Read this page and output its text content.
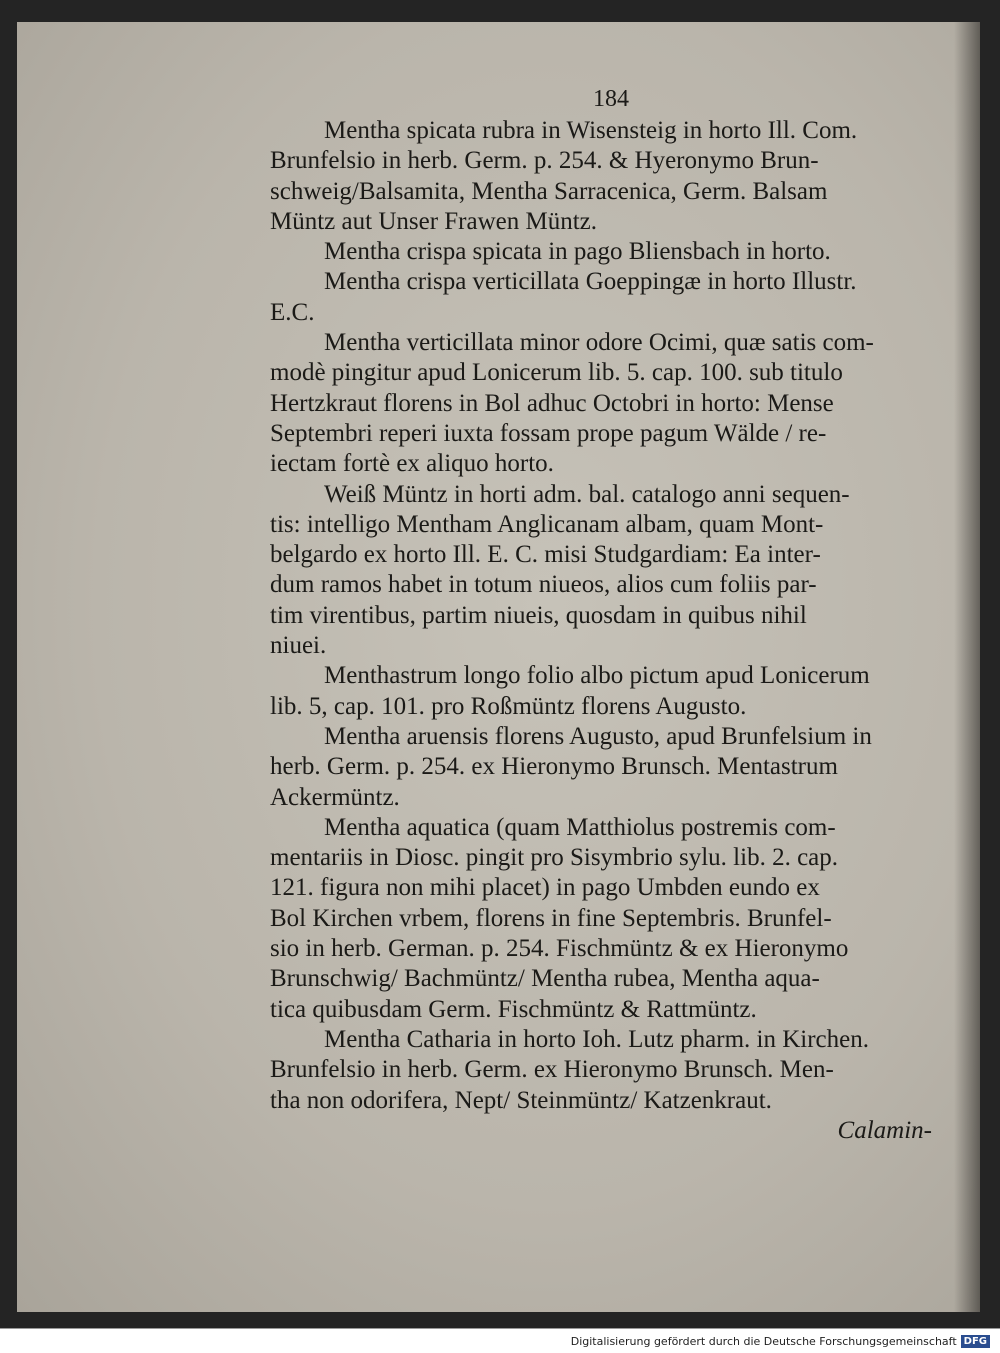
184
Mentha spicata rubra in Wisensteig in horto Ill. Com.
Brunfelsio in herb. Germ. p. 254. & Hyeronymo Brun-
schweig/Balsamita, Mentha Sarracenica, Germ. Balsam
Müntz aut Unser Frawen Müntz.
Mentha crispa spicata in pago Bliensbach in horto.
Mentha crispa verticillata Goeppingæ in horto Illustr.
E.C.
Mentha verticillata minor odore Ocimi, quæ satis com-
modè pingitur apud Lonicerum lib. 5. cap. 100. sub titulo
Hertzkraut florens in Bol adhuc Octobri in horto: Mense
Septembri reperi iuxta fossam prope pagum Wälde / re-
iectam fortè ex aliquo horto.
Weiß Müntz in horti adm. bal. catalogo anni sequen-
tis: intelligo Mentham Anglicanam albam, quam Mont-
belgardo ex horto Ill. E. C. misi Studgardiam: Ea inter-
dum ramos habet in totum niueos, alios cum foliis par-
tim virentibus, partim niueis, quosdam in quibus nihil
niuei.
Menthastrum longo folio albo pictum apud Lonicerum
lib. 5, cap. 101. pro Roßmüntz florens Augusto.
Mentha aruensis florens Augusto, apud Brunfelsium in
herb. Germ. p. 254. ex Hieronymo Brunsch. Mentastrum
Ackermüntz.
Mentha aquatica (quam Matthiolus postremis com-
mentariis in Diosc. pingit pro Sisymbrio sylu. lib. 2. cap.
121. figura non mihi placet) in pago Umbden eundo ex
Bol Kirchen vrbem, florens in fine Septembris. Brunfel-
sio in herb. German. p. 254. Fischmüntz & ex Hieronymo
Brunschwig/ Bachmüntz/ Mentha rubea, Mentha aqua-
tica quibusdam Germ. Fischmüntz & Rattmüntz.
Mentha Catharia in horto Ioh. Lutz pharm. in Kirchen.
Brunfelsio in herb. Germ. ex Hieronymo Brunsch. Men-
tha non odorifera, Nept/ Steinmüntz/ Katzenkraut.
Calamin-
Digitalisierung gefördert durch die Deutsche Forschungsgemeinschaft DFG
